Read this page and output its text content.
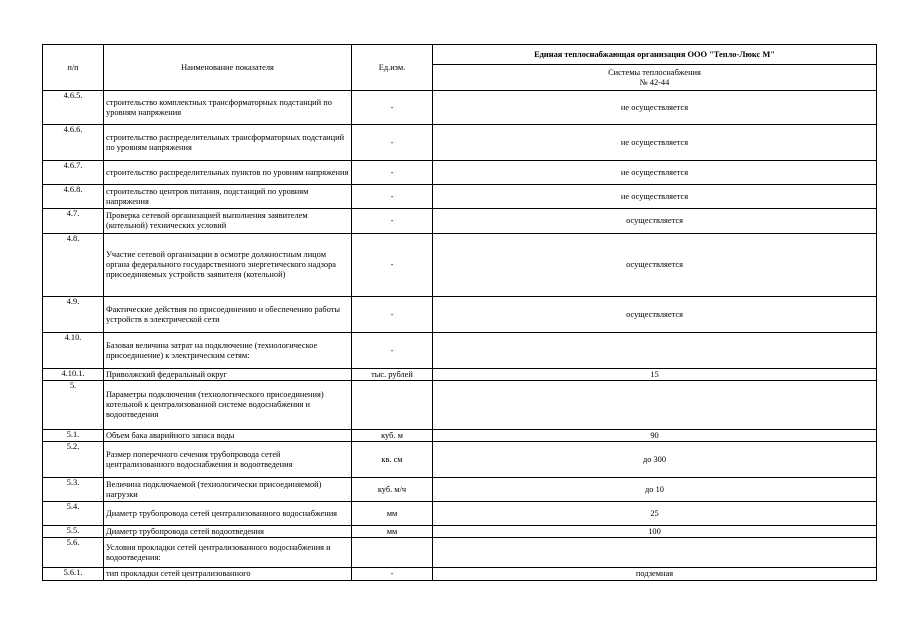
п/п	Наименование показателя	Ед.изм.	Единая теплоснабжающая организация ООО "Тепло-Люкс М"

			Системы теплоснабжения
№ 42-44

4.6.5.	строительство комплектных трансформаторных подстанций по уровням напряжения	-	не осуществляется
4.6.6.	строительство распределительных трансформаторных подстанций по уровням напряжения	-	не осуществляется
4.6.7.	строительство распределительных пунктов по уровням напряжения	-	не осуществляется
4.6.8.	строительство центров питания, подстанций по уровням напряжения	-	не осуществляется
4.7.	Проверка сетевой организацией выполнения заявителем (котельной) технических условий	-	осуществляется
4.8.	Участие сетевой организации в осмотре должностным лицом органа федерального государственного энергетического надзора присоединяемых устройств заявителя (котельной)	-	осуществляется
4.9.	Фактические действия по присоединению и обеспечению работы устройств в электрической сети	-	осуществляется
4.10.	Базовая величина затрат на подключение (технологическое присоединение) к электрическим сетям:	-	
4.10.1.	Приволжский федеральный округ	тыс. рублей	15
5.	Параметры подключения (технологического присоединения) котельной к централизованной системе водоснабжения и водоотведения		
5.1.	Объем бака аварийного запаса воды	куб. м	90
5.2.	Размер поперечного сечения трубопровода сетей централизованного водоснабжения и водоотведения	кв. см	до 300
5.3.	Величина подключаемой (технологически присоединяемой) нагрузки	куб. м/ч	до 10
5.4.	Диаметр трубопровода сетей централизованного водоснабжения	мм	25
5.5.	Диаметр трубопровода сетей водоотведения	мм	100
5.6.	Условия прокладки сетей централизованного водоснабжения и водоотведения:		
5.6.1.	тип прокладки сетей централизованного	-	подземная
